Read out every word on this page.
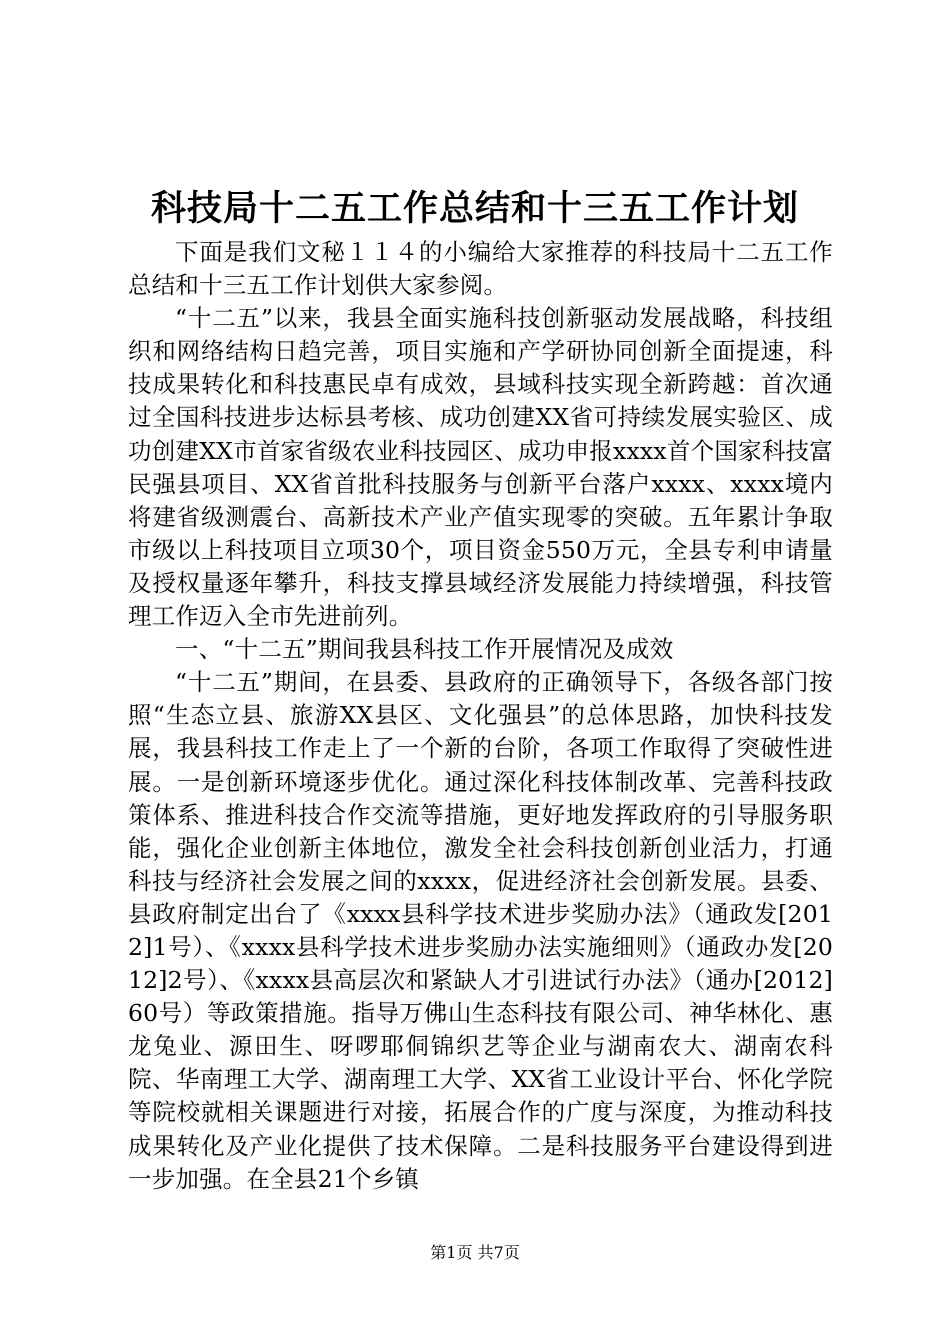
科技局十二五工作总结和十三五工作计划

下面是我们文秘１１４的小编给大家推荐的科技局十二五工作总结和十三五工作计划供大家参阅。

“十二五”以来，我县全面实施科技创新驱动发展战略，科技组织和网络结构日趋完善，项目实施和产学研协同创新全面提速，科技成果转化和科技惠民卓有成效，县域科技实现全新跨越：首次通过全国科技进步达标县考核、成功创建XX省可持续发展实验区、成功创建XX市首家省级农业科技园区、成功申报xxxx首个国家科技富民强县项目、XX省首批科技服务与创新平台落户xxxx、xxxx境内将建省级测震台、高新技术产业产值实现零的突破。五年累计争取市级以上科技项目立项30个，项目资金550万元，全县专利申请量及授权量逐年攀升，科技支撑县域经济发展能力持续增强，科技管理工作迈入全市先进前列。

一、“十二五”期间我县科技工作开展情况及成效

“十二五”期间，在县委、县政府的正确领导下，各级各部门按照“生态立县、旅游XX县区、文化强县”的总体思路，加快科技发展，我县科技工作走上了一个新的台阶，各项工作取得了突破性进展。一是创新环境逐步优化。通过深化科技体制改革、完善科技政策体系、推进科技合作交流等措施，更好地发挥政府的引导服务职能，强化企业创新主体地位，激发全社会科技创新创业活力，打通科技与经济社会发展之间的xxxx，促进经济社会创新发展。县委、县政府制定出台了《xxxx县科学技术进步奖励办法》（通政发[2012]1号）、《xxxx县科学技术进步奖励办法实施细则》（通政办发[2012]2号）、《xxxx县高层次和紧缺人才引进试行办法》（通办[2012]60号）等政策措施。指导万佛山生态科技有限公司、神华林化、惠龙兔业、源田生、呀啰耶侗锦织艺等企业与湖南农大、湖南农科院、华南理工大学、湖南理工大学、XX省工业设计平台、怀化学院等院校就相关课题进行对接，拓展合作的广度与深度，为推动科技成果转化及产业化提供了技术保障。二是科技服务平台建设得到进一步加强。在全县21个乡镇

第1页 共7页
